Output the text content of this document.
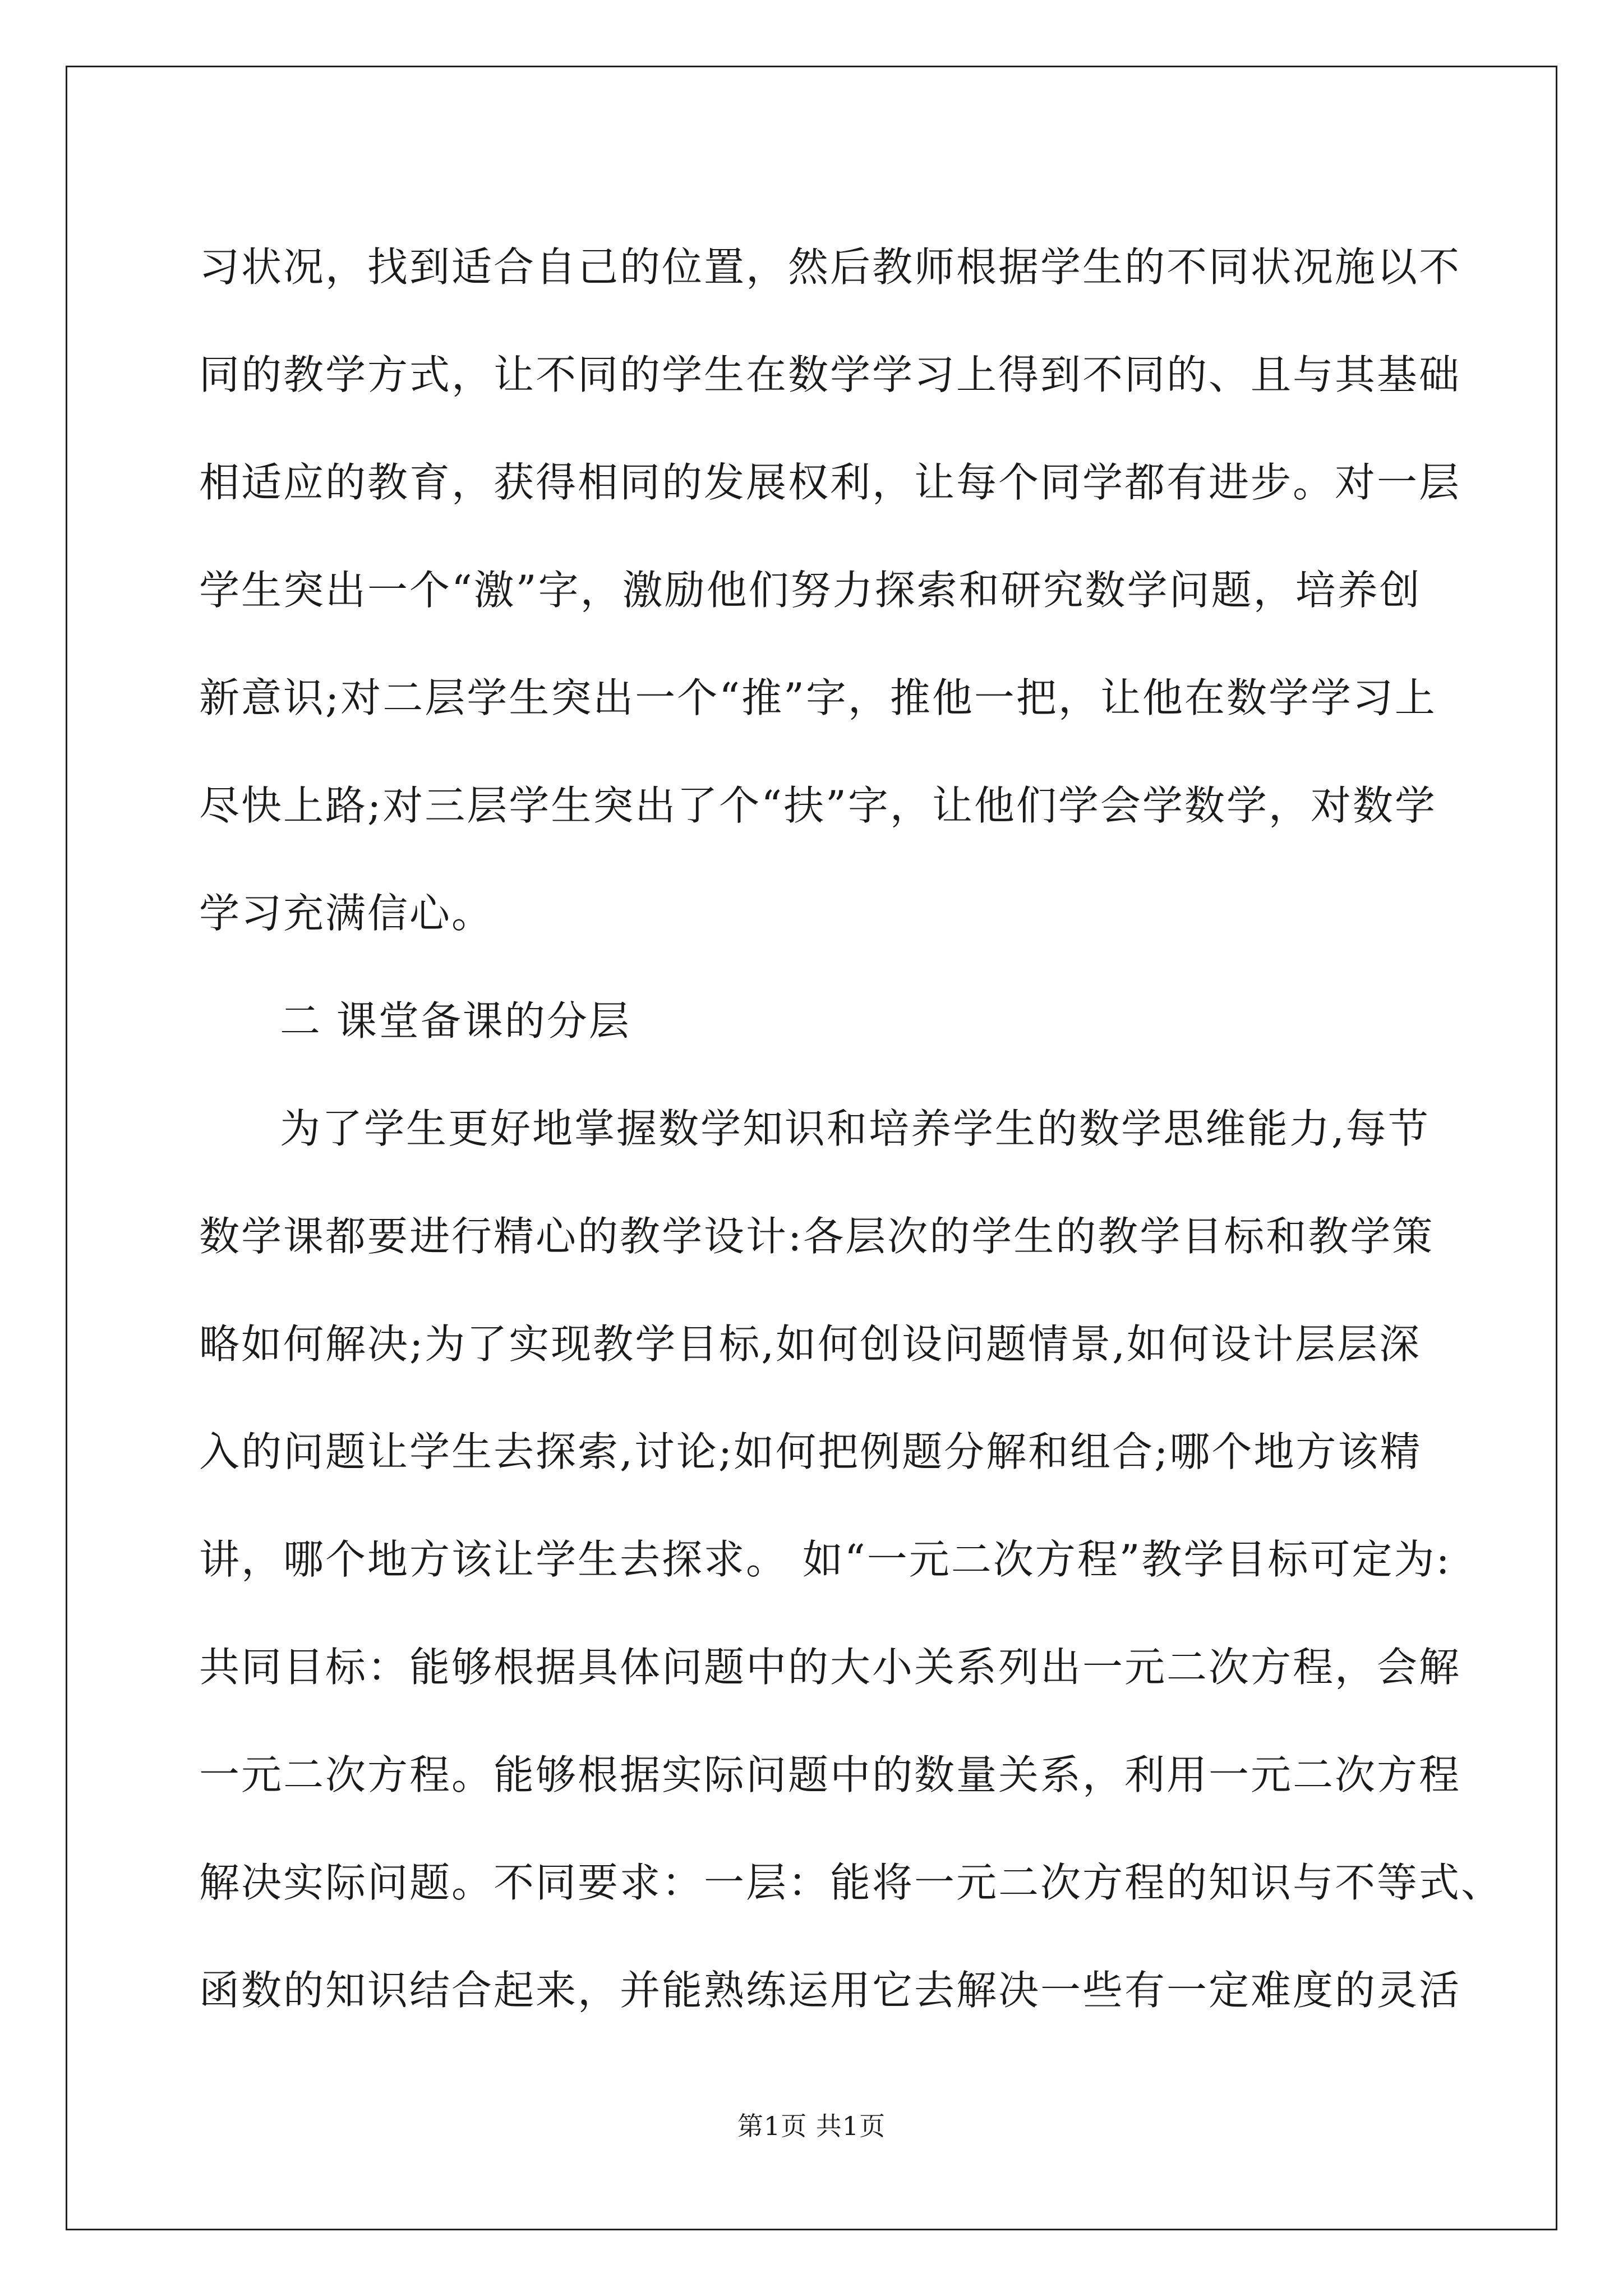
习状况，找到适合自己的位置，然后教师根据学生的不同状况施以不
同的教学方式，让不同的学生在数学学习上得到不同的、且与其基础
相适应的教育，获得相同的发展权利，让每个同学都有进步。对一层
学生突出一个“激”字，激励他们努力探索和研究数学问题，培养创
新意识;对二层学生突出一个“推”字，推他一把，让他在数学学习上
尽快上路;对三层学生突出了个“扶”字，让他们学会学数学，对数学
学习充满信心。
二 课堂备课的分层
为了学生更好地掌握数学知识和培养学生的数学思维能力,每节
数学课都要进行精心的教学设计:各层次的学生的教学目标和教学策
略如何解决;为了实现教学目标,如何创设问题情景,如何设计层层深
入的问题让学生去探索,讨论;如何把例题分解和组合;哪个地方该精
讲，哪个地方该让学生去探求。 如“一元二次方程”教学目标可定为:
共同目标：能够根据具体问题中的大小关系列出一元二次方程，会解
一元二次方程。能够根据实际问题中的数量关系，利用一元二次方程
解决实际问题。不同要求：一层：能将一元二次方程的知识与不等式、
函数的知识结合起来，并能熟练运用它去解决一些有一定难度的灵活
第1页 共1页
